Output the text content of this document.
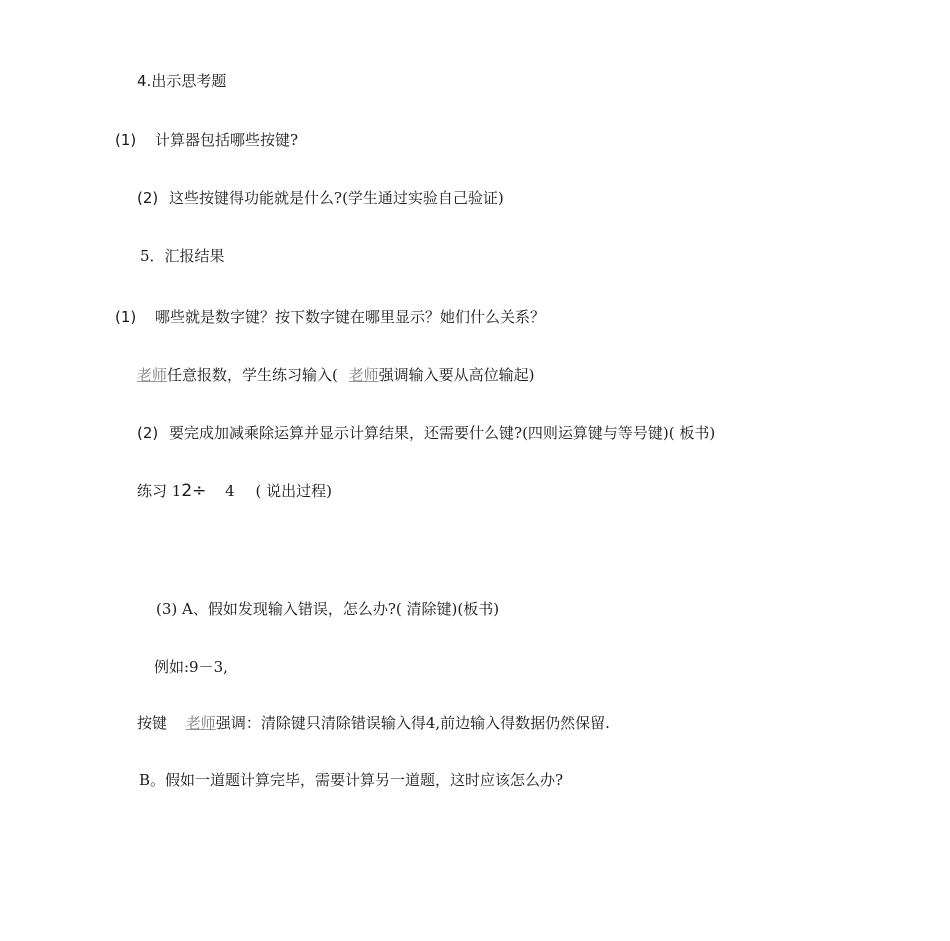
4.出示思考题
(1) 计算器包括哪些按键?
(2) 这些按键得功能就是什么?(学生通过实验自己验证)
5．汇报结果
(1) 哪些就是数字键？按下数字键在哪里显示？她们什么关系？
老师任意报数，学生练习输入( 老师强调输入要从高位输起)
(2) 要完成加减乘除运算并显示计算结果，还需要什么键?(四则运算键与等号键)( 板书)
练习 12÷ 4 ( 说出过程)
(3) A、假如发现输入错误，怎么办?( 清除键)(板书)
例如:9－3,
按键 老师强调：清除键只清除错误输入得4,前边输入得数据仍然保留.
B。假如一道题计算完毕，需要计算另一道题，这时应该怎么办?
